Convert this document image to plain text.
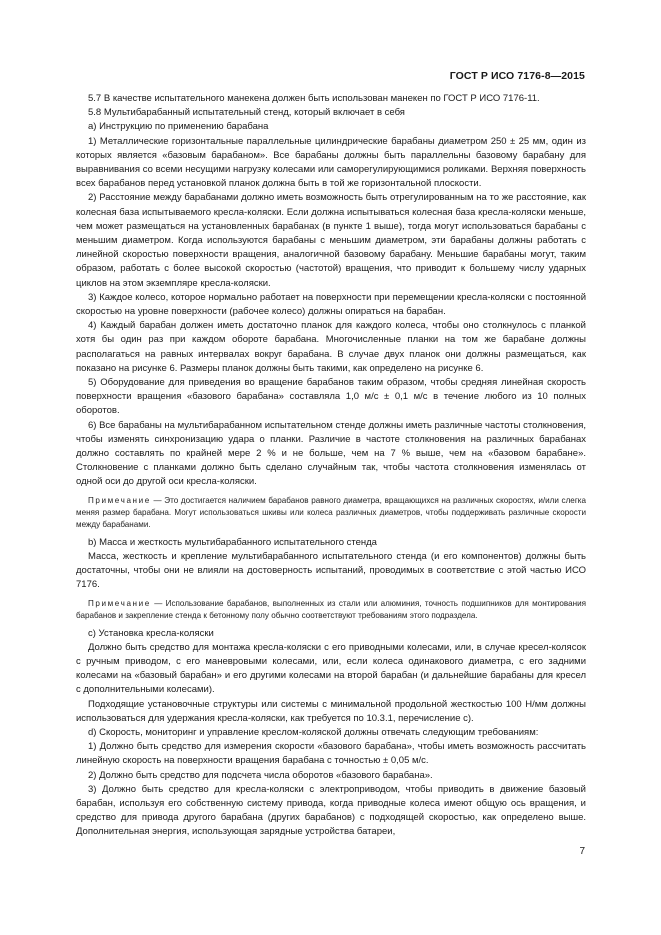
ГОСТ Р ИСО 7176-8—2015

5.7 В качестве испытательного манекена должен быть использован манекен по ГОСТ Р ИСО 7176-11.

5.8 Мультибарабанный испытательный стенд, который включает в себя

a) Инструкцию по применению барабана

1) Металлические горизонтальные параллельные цилиндрические барабаны диаметром 250 ± 25 мм, один из которых является «базовым барабаном». Все барабаны должны быть параллельны базовому барабану для выравнивания со всеми несущими нагрузку колесами или саморегулирующимися роликами. Верхняя поверхность всех барабанов перед установкой планок должна быть в той же горизонтальной плоскости.

2) Расстояние между барабанами должно иметь возможность быть отрегулированным на то же расстояние, как колесная база испытываемого кресла-коляски. Если должна испытываться колесная база кресла-коляски меньше, чем может размещаться на установленных барабанах (в пункте 1 выше), тогда могут использоваться барабаны с меньшим диаметром. Когда используются барабаны с меньшим диаметром, эти барабаны должны работать с линейной скоростью поверхности вращения, аналогичной базовому барабану. Меньшие барабаны могут, таким образом, работать с более высокой скоростью (частотой) вращения, что приводит к большему числу ударных циклов на этом экземпляре кресла-коляски.

3) Каждое колесо, которое нормально работает на поверхности при перемещении кресла-коляски с постоянной скоростью на уровне поверхности (рабочее колесо) должны опираться на барабан.

4) Каждый барабан должен иметь достаточно планок для каждого колеса, чтобы оно столкнулось с планкой хотя бы один раз при каждом обороте барабана. Многочисленные планки на том же барабане должны располагаться на равных интервалах вокруг барабана. В случае двух планок они должны размещаться, как показано на рисунке 6. Размеры планок должны быть такими, как определено на рисунке 6.

5) Оборудование для приведения во вращение барабанов таким образом, чтобы средняя линейная скорость поверхности вращения «базового барабана» составляла 1,0 м/с ± 0,1 м/с в течение любого из 10 полных оборотов.

6) Все барабаны на мультибарабанном испытательном стенде должны иметь различные частоты столкновения, чтобы изменять синхронизацию удара о планки. Различие в частоте столкновения на различных барабанах должно составлять по крайней мере 2 % и не больше, чем на 7 % выше, чем на «базовом барабане». Столкновение с планками должно быть сделано случайным так, чтобы частота столкновения изменялась от одной оси до другой оси кресла-коляски.

Примечание — Это достигается наличием барабанов равного диаметра, вращающихся на различных скоростях, и/или слегка меняя размер барабана. Могут использоваться шкивы или колеса различных диаметров, чтобы поддерживать различные скорости между барабанами.

b) Масса и жесткость мультибарабанного испытательного стенда

Масса, жесткость и крепление мультибарабанного испытательного стенда (и его компонентов) должны быть достаточны, чтобы они не влияли на достоверность испытаний, проводимых в соответствие с этой частью ИСО 7176.

Примечание — Использование барабанов, выполненных из стали или алюминия, точность подшипников для монтирования барабанов и закрепление стенда к бетонному полу обычно соответствуют требованиям этого подраздела.

c) Установка кресла-коляски

Должно быть средство для монтажа кресла-коляски с его приводными колесами, или, в случае кресел-колясок с ручным приводом, с его маневровыми колесами, или, если колеса одинакового диаметра, с его задними колесами на «базовый барабан» и его другими колесами на второй барабан (и дальнейшие барабаны для кресел с дополнительными колесами).

Подходящие установочные структуры или системы с минимальной продольной жесткостью 100 Н/мм должны использоваться для удержания кресла-коляски, как требуется по 10.3.1, перечисление c).

d) Скорость, мониторинг и управление креслом-коляской должны отвечать следующим требованиям:

1) Должно быть средство для измерения скорости «базового барабана», чтобы иметь возможность рассчитать линейную скорость на поверхности вращения барабана с точностью ± 0,05 м/с.

2) Должно быть средство для подсчета числа оборотов «базового барабана».

3) Должно быть средство для кресла-коляски с электроприводом, чтобы приводить в движение базовый барабан, используя его собственную систему привода, когда приводные колеса имеют общую ось вращения, и средство для привода другого барабана (других барабанов) с подходящей скоростью, как определено выше. Дополнительная энергия, использующая зарядные устройства батареи,

7
